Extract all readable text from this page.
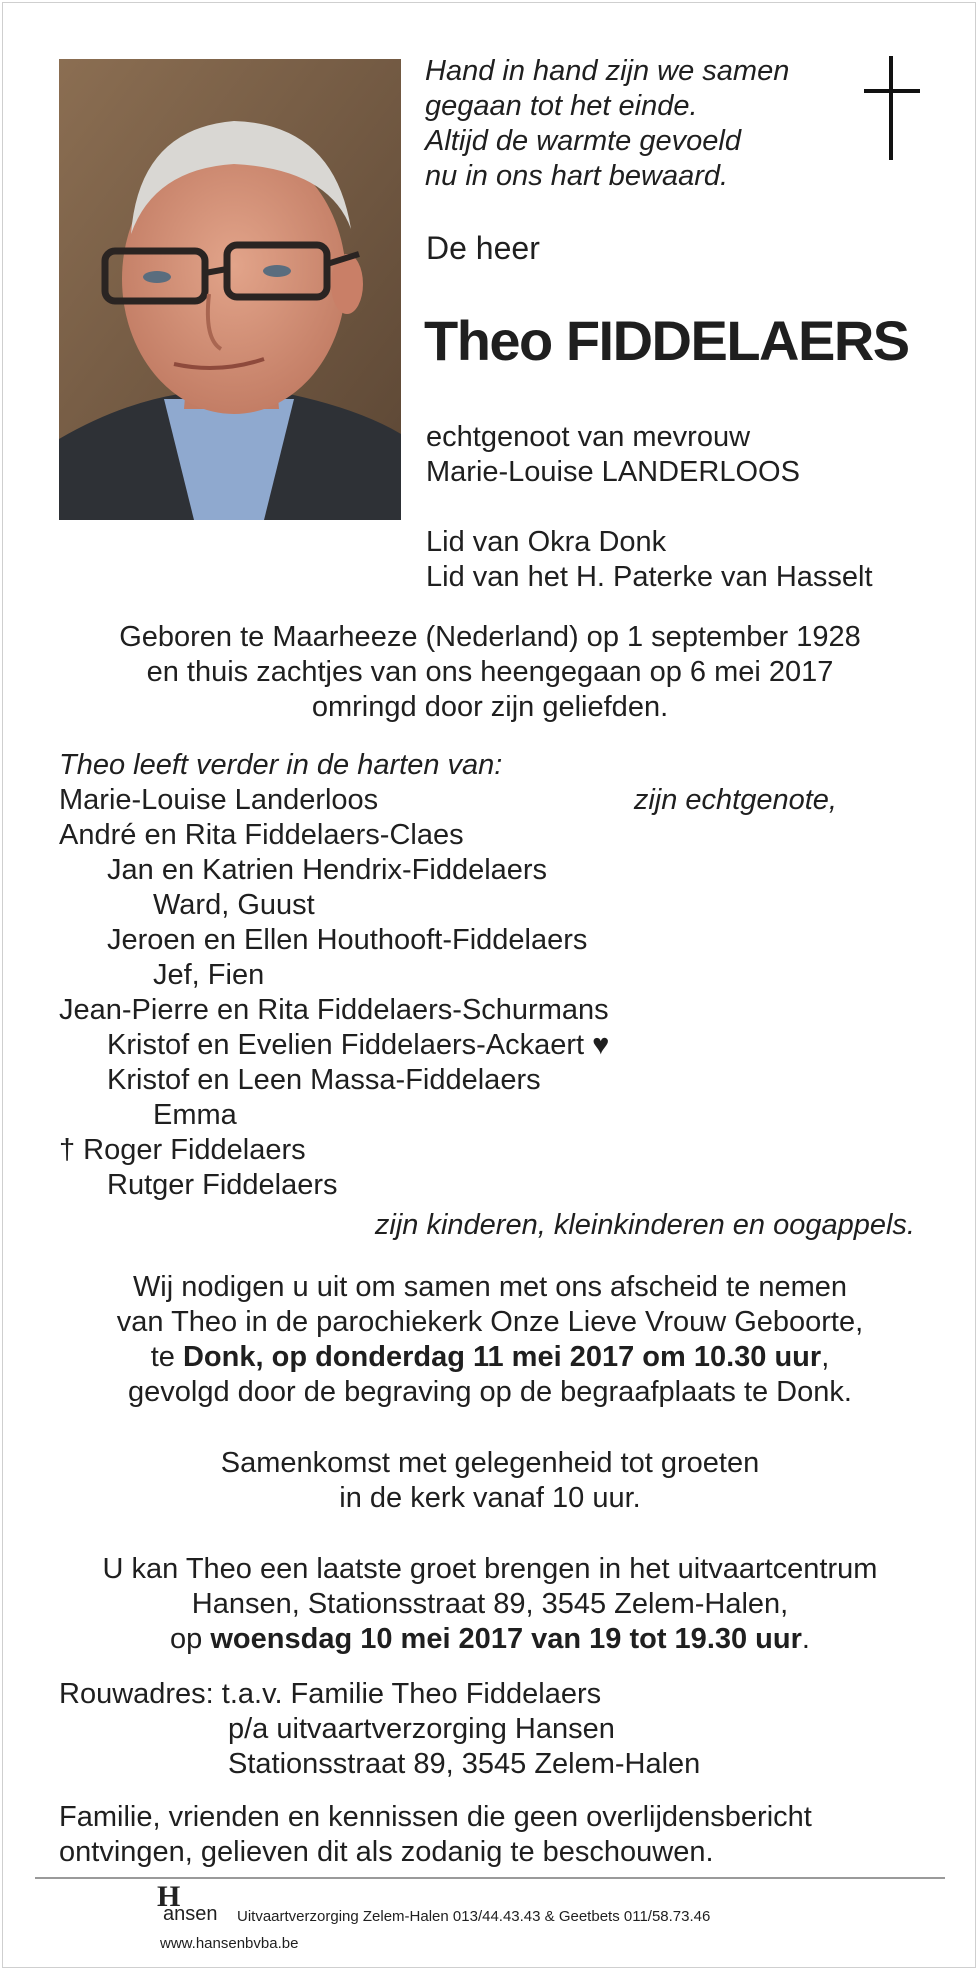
Hand in hand zijn we samen
gegaan tot het einde.
Altijd de warmte gevoeld
nu in ons hart bewaard.
De heer
Theo FIDDELAERS
echtgenoot van mevrouw
Marie-Louise LANDERLOOS
Lid van Okra Donk
Lid van het H. Paterke van Hasselt
Geboren te Maarheeze (Nederland) op 1 september 1928
en thuis zachtjes van ons heengegaan op 6 mei 2017
omringd door zijn geliefden.
Theo leeft verder in de harten van:
Marie-Louise Landerloos	zijn echtgenote,
André en Rita Fiddelaers-Claes
Jan en Katrien Hendrix-Fiddelaers
Ward, Guust
Jeroen en Ellen Houthooft-Fiddelaers
Jef, Fien
Jean-Pierre en Rita Fiddelaers-Schurmans
Kristof en Evelien Fiddelaers-Ackaert ♥
Kristof en Leen Massa-Fiddelaers
Emma
† Roger Fiddelaers
Rutger Fiddelaers
zijn kinderen, kleinkinderen en oogappels.
Wij nodigen u uit om samen met ons afscheid te nemen
van Theo in de parochiekerk Onze Lieve Vrouw Geboorte,
te Donk, op donderdag 11 mei 2017 om 10.30 uur,
gevolgd door de begraving op de begraafplaats te Donk.
Samenkomst met gelegenheid tot groeten
in de kerk vanaf 10 uur.
U kan Theo een laatste groet brengen in het uitvaartcentrum
Hansen, Stationsstraat 89, 3545 Zelem-Halen,
op woensdag 10 mei 2017 van 19 tot 19.30 uur.
Rouwadres: t.a.v. Familie Theo Fiddelaers
p/a uitvaartverzorging Hansen
Stationsstraat 89, 3545 Zelem-Halen
Familie, vrienden en kennissen die geen overlijdensbericht
ontvingen, gelieven dit als zodanig te beschouwen.
H
ansen Uitvaartverzorging Zelem-Halen 013/44.43.43 & Geetbets 011/58.73.46
www.hansenbvba.be
